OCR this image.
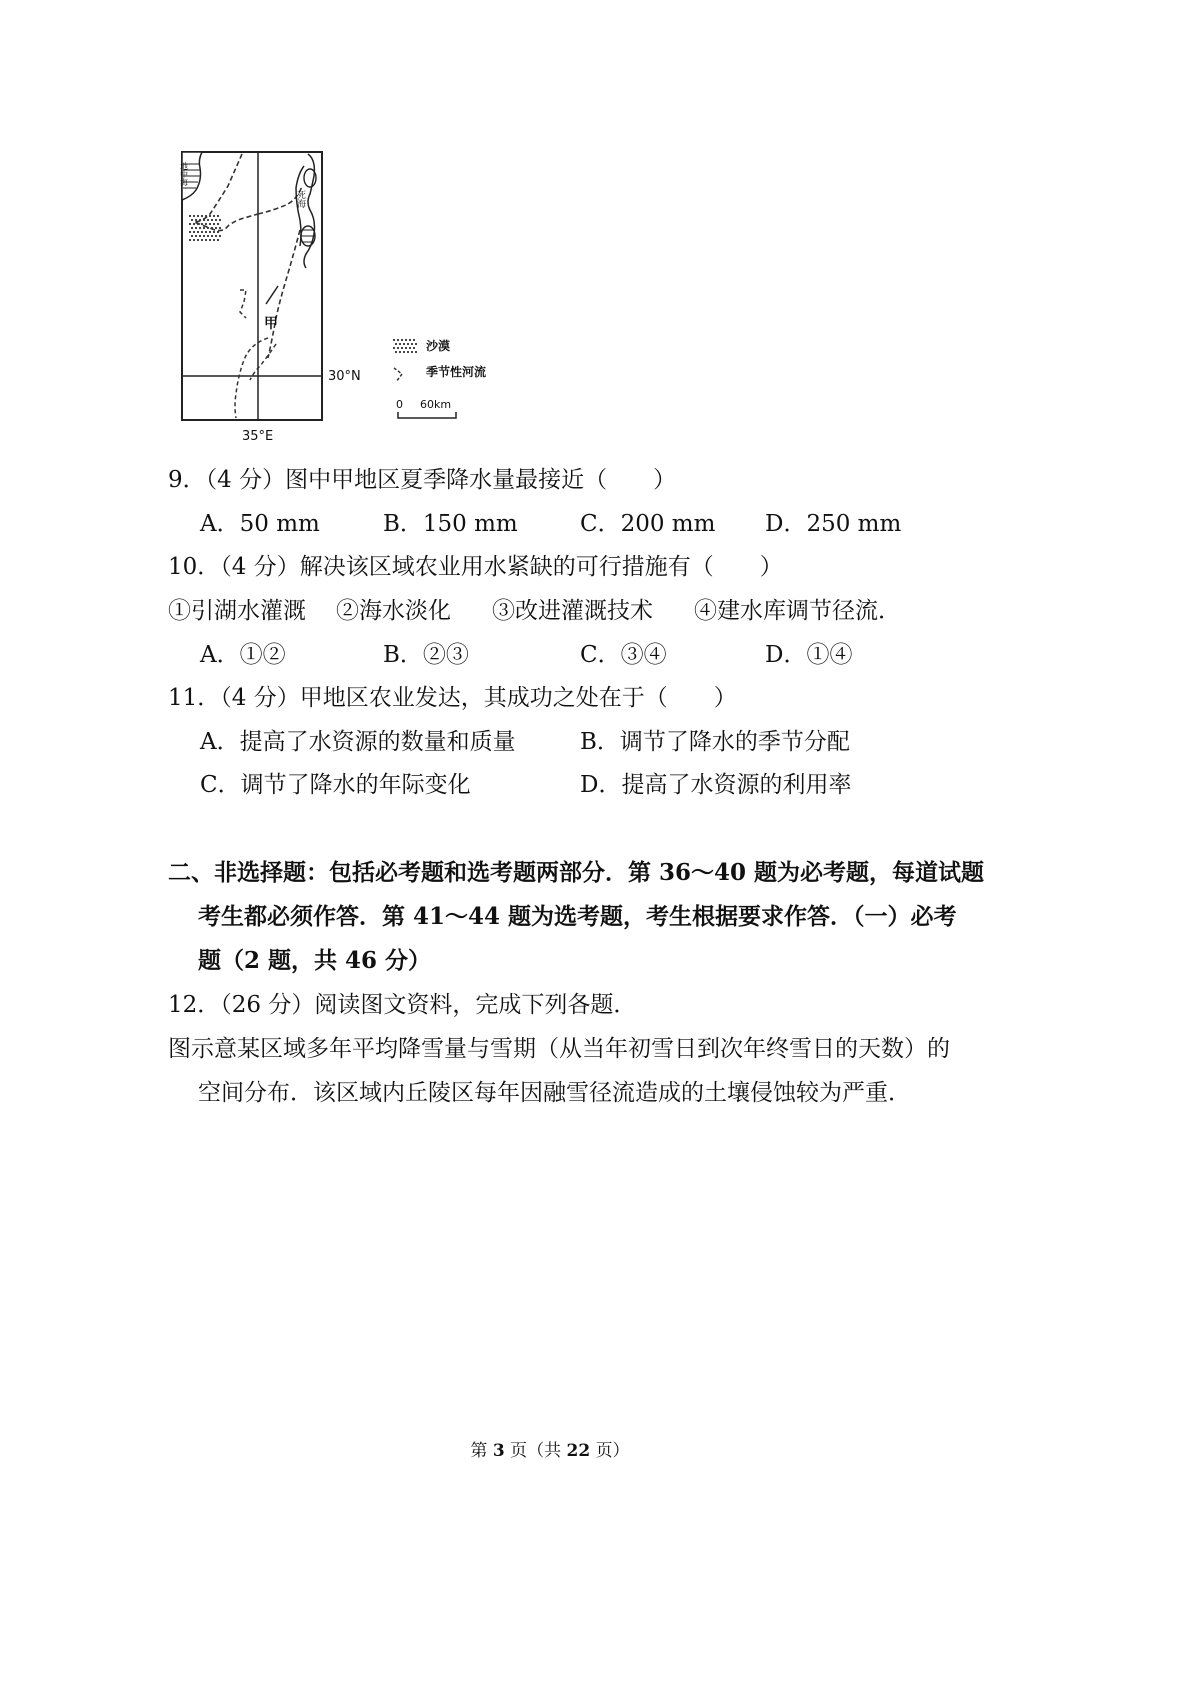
地中海
甲
死海
30°N
35°E
沙漠
季节性河流
0 60km
9．（4 分）图中甲地区夏季降水量最接近（　　）
A．50 mm	B．150 mm	C．200 mm D．250 mm
10．（4 分）解决该区域农业用水紧缺的可行措施有（　　）
①引湖水灌溉 ②海水淡化 ③改进灌溉技术 ④建水库调节径流．
A．①②	B．②③	C．③④	D．①④
11．（4 分）甲地区农业发达，其成功之处在于（　　）
A．提高了水资源的数量和质量	B．调节了降水的季节分配
C．调节了降水的年际变化	D．提高了水资源的利用率
二、非选择题：包括必考题和选考题两部分．第 36～40 题为必考题，每道试题
考生都必须作答．第 41～44 题为选考题，考生根据要求作答．（一）必考
题（2 题，共 46 分）
12．（26 分）阅读图文资料，完成下列各题．
图示意某区域多年平均降雪量与雪期（从当年初雪日到次年终雪日的天数）的
空间分布．该区域内丘陵区每年因融雪径流造成的土壤侵蚀较为严重．
第 3 页（共 22 页）
